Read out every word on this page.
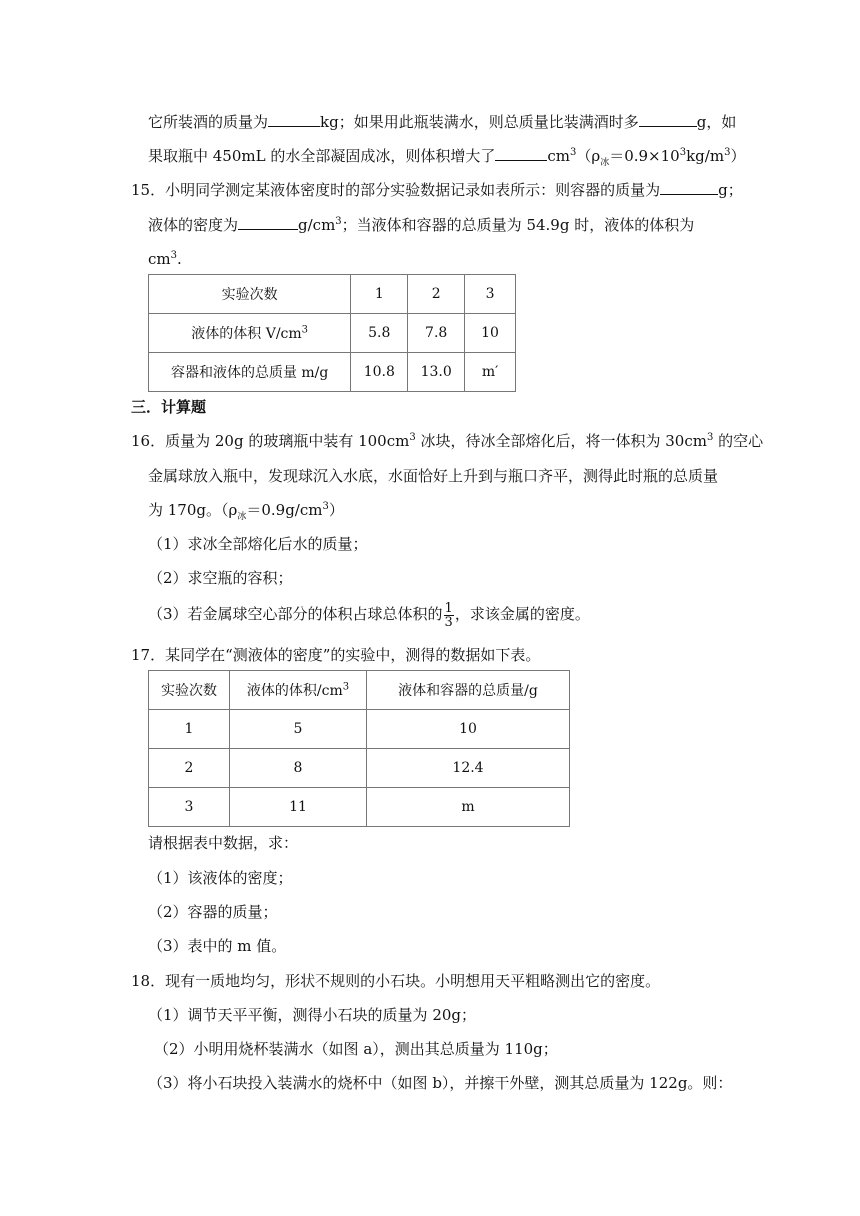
它所装酒的质量为	kg；如果用此瓶装满水，则总质量比装满酒时多	g，如
果取瓶中 450mL 的水全部凝固成冰，则体积增大了	$cm^3(\rho_冰=0.9\times 10^3kg/m^3)$
15．小明同学测定某液体密度时的部分实验数据记录如表所示：则容器的质量为	g；
液体的密度为	$g/cm^3$；当液体和容器的总质量为 54.9g 时，液体的体积为
$cm^3$.
实验次数	1	2	3
液体的体积 $V/cm^3$	5.8	7.8	10
容器和液体的总质量 m/g	10.8	13.0	m′
三．计算题
16．质量为 20g 的玻璃瓶中装有 $100cm^3$ 冰块，待冰全部熔化后，将一体积为 $30cm^3$ 的空心
金属球放入瓶中，发现球沉入水底，水面恰好上升到与瓶口齐平，测得此时瓶的总质量
为 170g。$(\rho_冰=0.9g/cm^3)$
（1）求冰全部熔化后水的质量；
（2）求空瓶的容积；
（3）若金属球空心部分的体积占球总体积的 $\frac{1}{3}$ ，求该金属的密度。
17．某同学在“测液体的密度”的实验中，测得的数据如下表。
实验次数	液体的体积$/cm^3$	液体和容器的总质量/g
1	5	10
2	8	12.4
3	11	m
请根据表中数据，求：
（1）该液体的密度；
（2）容器的质量；
（3）表中的 m 值。
18．现有一质地均匀，形状不规则的小石块。小明想用天平粗略测出它的密度。
（1）调节天平平衡，测得小石块的质量为 20g；
（2）小明用烧杯装满水（如图 a），测出其总质量为 110g；
（3）将小石块投入装满水的烧杯中（如图 b），并擦干外壁，测其总质量为 122g。则：
